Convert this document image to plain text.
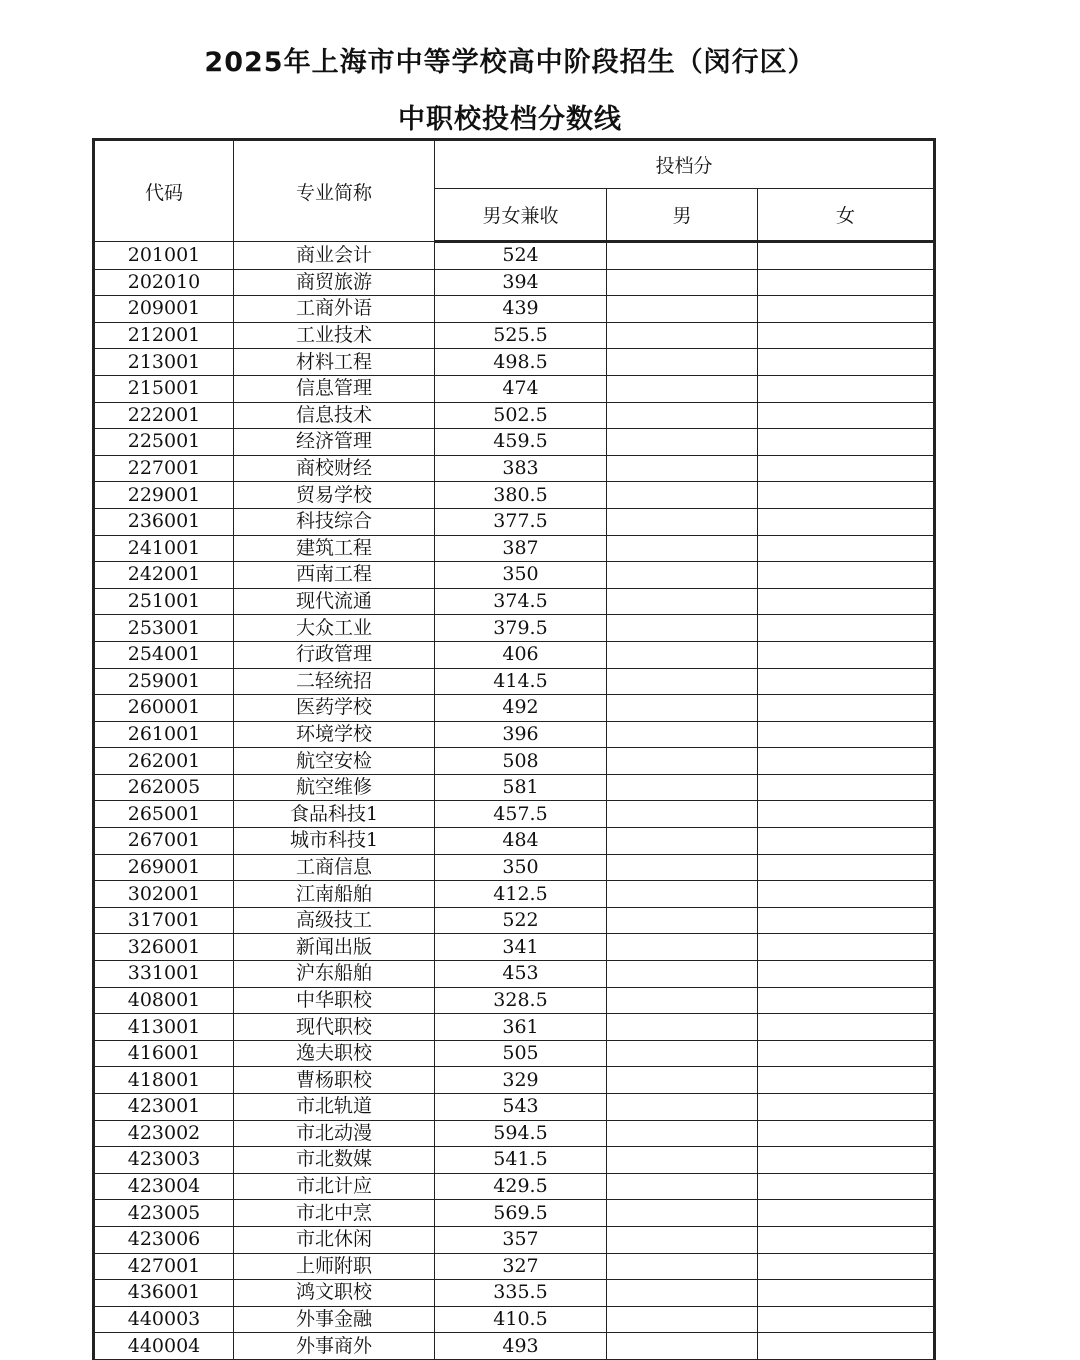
2025年上海市中等学校高中阶段招生（闵行区）
中职校投档分数线
代码	专业简称	投档分		
		男女兼收	男	女
201001	商业会计	524		
202010	商贸旅游	394		
209001	工商外语	439		
212001	工业技术	525.5		
213001	材料工程	498.5		
215001	信息管理	474		
222001	信息技术	502.5		
225001	经济管理	459.5		
227001	商校财经	383		
229001	贸易学校	380.5		
236001	科技综合	377.5		
241001	建筑工程	387		
242001	西南工程	350		
251001	现代流通	374.5		
253001	大众工业	379.5		
254001	行政管理	406		
259001	二轻统招	414.5		
260001	医药学校	492		
261001	环境学校	396		
262001	航空安检	508		
262005	航空维修	581		
265001	食品科技1	457.5		
267001	城市科技1	484		
269001	工商信息	350		
302001	江南船舶	412.5		
317001	高级技工	522		
326001	新闻出版	341		
331001	沪东船舶	453		
408001	中华职校	328.5		
413001	现代职校	361		
416001	逸夫职校	505		
418001	曹杨职校	329		
423001	市北轨道	543		
423002	市北动漫	594.5		
423003	市北数媒	541.5		
423004	市北计应	429.5		
423005	市北中烹	569.5		
423006	市北休闲	357		
427001	上师附职	327		
436001	鸿文职校	335.5		
440003	外事金融	410.5		
440004	外事商外	493		
